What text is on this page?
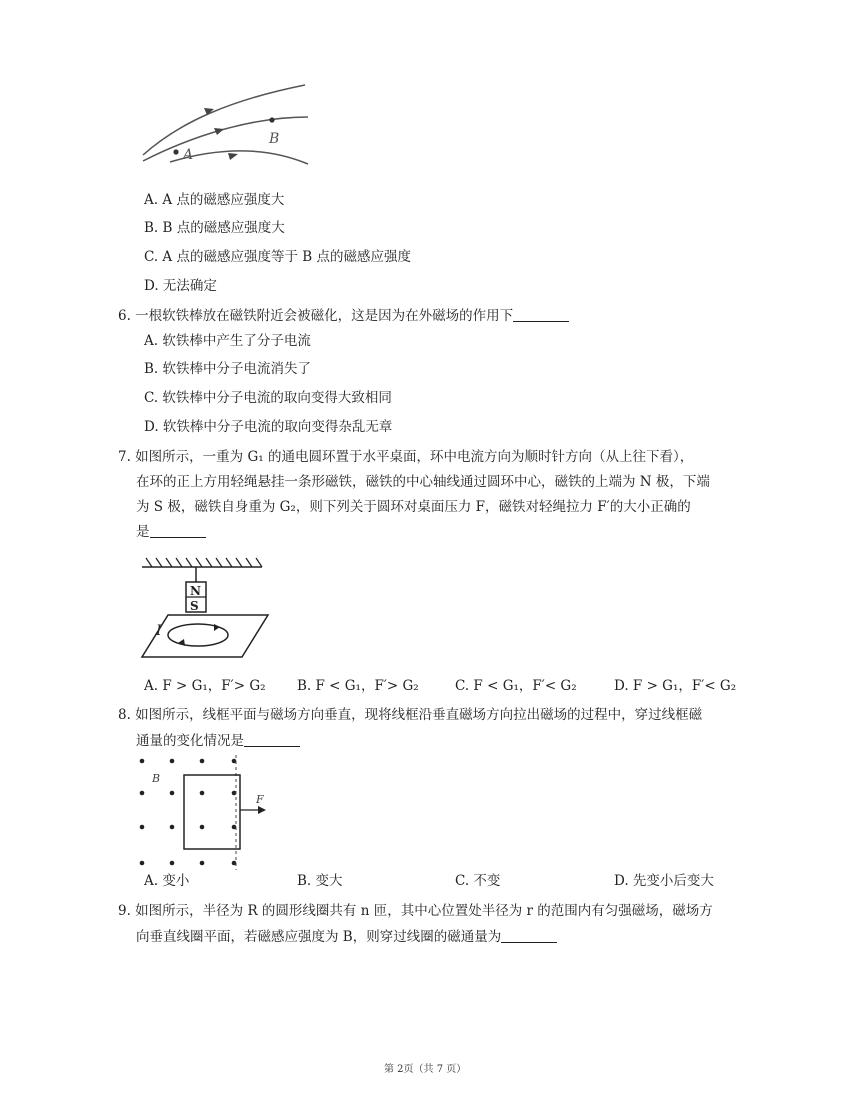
A
B
A. A 点的磁感应强度大
B. B 点的磁感应强度大
C. A 点的磁感应强度等于 B 点的磁感应强度
D. 无法确定
6. 一根软铁棒放在磁铁附近会被磁化，这是因为在外磁场的作用下
A. 软铁棒中产生了分子电流
B. 软铁棒中分子电流消失了
C. 软铁棒中分子电流的取向变得大致相同
D. 软铁棒中分子电流的取向变得杂乱无章
7. 如图所示，一重为 G₁ 的通电圆环置于水平桌面，环中电流方向为顺时针方向（从上往下看），
在环的正上方用轻绳悬挂一条形磁铁，磁铁的中心轴线通过圆环中心，磁铁的上端为 N 极，下端
为 S 极，磁铁自身重为 G₂，则下列关于圆环对桌面压力 F，磁铁对轻绳拉力 F′的大小正确的
是
N
S
I
A. F > G₁，F′> G₂ B. F < G₁，F′> G₂	C. F < G₁，F′< G₂	D. F > G₁，F′< G₂
8. 如图所示，线框平面与磁场方向垂直，现将线框沿垂直磁场方向拉出磁场的过程中，穿过线框磁
通量的变化情况是
B
F
A. 变小	B. 变大	C. 不变	D. 先变小后变大
9. 如图所示，半径为 R 的圆形线圈共有 n 匝，其中心位置处半径为 r 的范围内有匀强磁场，磁场方
向垂直线圈平面，若磁感应强度为 B，则穿过线圈的磁通量为
第 2页（共 7 页）
